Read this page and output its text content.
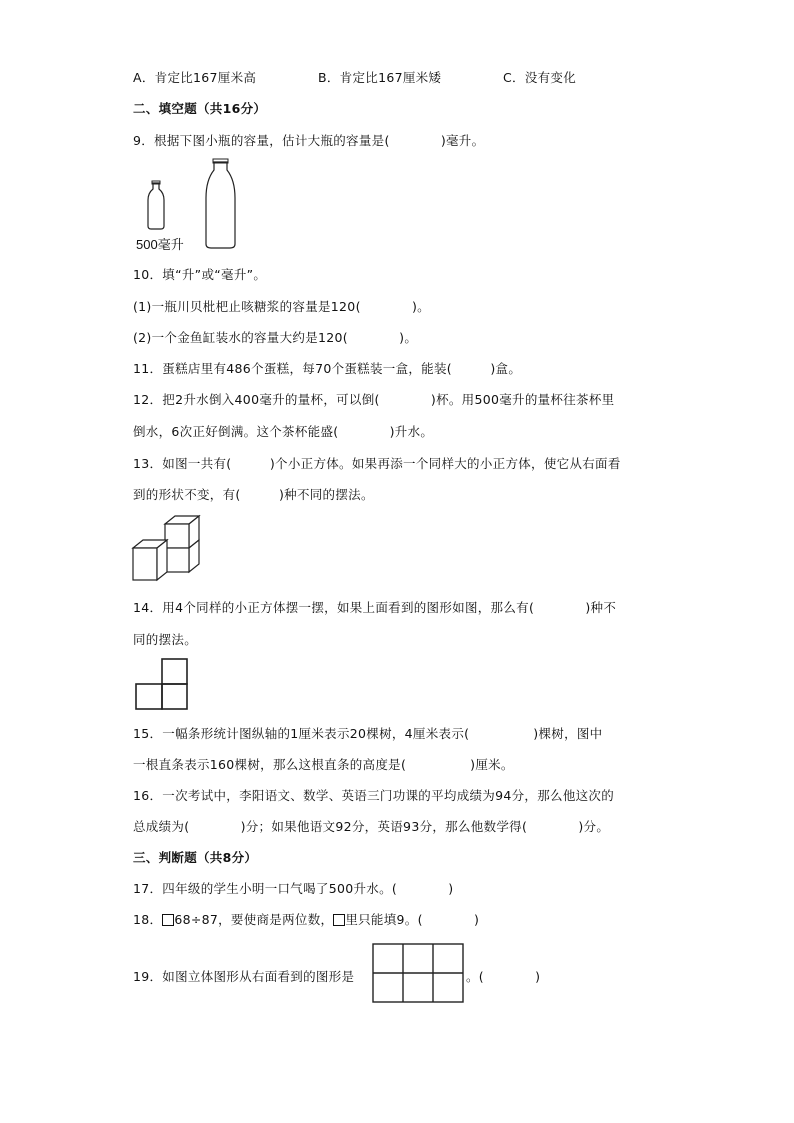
A．肯定比167厘米高	B．肯定比167厘米矮	C．没有变化
二、填空题（共16分）
9．根据下图小瓶的容量，估计大瓶的容量是(　　　　)毫升。
500毫升
10．填“升”或“毫升”。
(1)一瓶川贝枇杷止咳糖浆的容量是120(　　　　)。
(2)一个金鱼缸装水的容量大约是120(　　　　)。
11．蛋糕店里有486个蛋糕，每70个蛋糕装一盒，能装(　　　)盒。
12．把2升水倒入400毫升的量杯，可以倒(　　　　)杯。用500毫升的量杯往茶杯里
倒水，6次正好倒满。这个茶杯能盛(　　　　)升水。
13．如图一共有(　　　)个小正方体。如果再添一个同样大的小正方体，使它从右面看
到的形状不变，有(　　　)种不同的摆法。
14．用4个同样的小正方体摆一摆，如果上面看到的图形如图，那么有(　　　　)种不
同的摆法。
15．一幅条形统计图纵轴的1厘米表示20棵树，4厘米表示(　　　　　)棵树，图中
一根直条表示160棵树，那么这根直条的高度是(　　　　　)厘米。
16．一次考试中，李阳语文、数学、英语三门功课的平均成绩为94分，那么他这次的
总成绩为(　　　　)分；如果他语文92分，英语93分，那么他数学得(　　　　)分。
三、判断题（共8分）
17．四年级的学生小明一口气喝了500升水。(　　　　)
18． 68÷87，要使商是两位数， 里只能填9。(　　　　)
19．如图立体图形从右面看到的图形是	。(　　　　)
